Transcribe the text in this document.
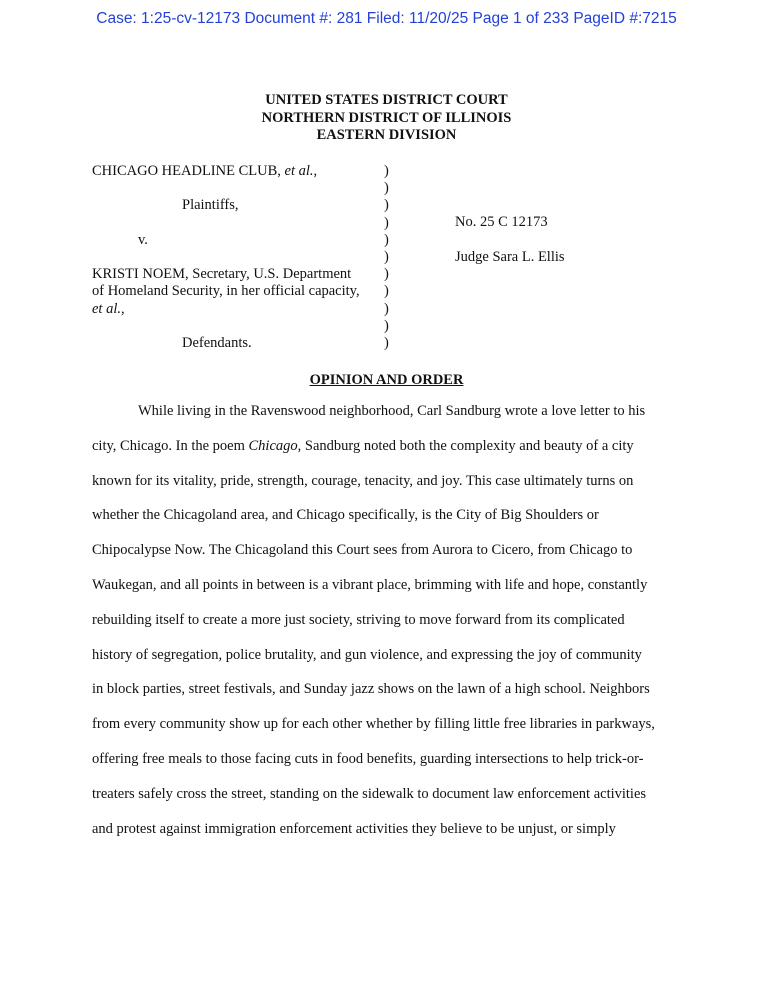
Case: 1:25-cv-12173 Document #: 281 Filed: 11/20/25 Page 1 of 233 PageID #:7215
UNITED STATES DISTRICT COURT
NORTHERN DISTRICT OF ILLINOIS
EASTERN DIVISION
CHICAGO HEADLINE CLUB, et al.,

Plaintiffs,

v.

KRISTI NOEM, Secretary, U.S. Department
of Homeland Security, in her official capacity,
et al.,

Defendants.
)
)
)
)
)
)
)
)
)
)
)
No. 25 C 12173
Judge Sara L. Ellis
OPINION AND ORDER
While living in the Ravenswood neighborhood, Carl Sandburg wrote a love letter to his
city, Chicago. In the poem Chicago, Sandburg noted both the complexity and beauty of a city
known for its vitality, pride, strength, courage, tenacity, and joy. This case ultimately turns on
whether the Chicagoland area, and Chicago specifically, is the City of Big Shoulders or
Chipocalypse Now. The Chicagoland this Court sees from Aurora to Cicero, from Chicago to
Waukegan, and all points in between is a vibrant place, brimming with life and hope, constantly
rebuilding itself to create a more just society, striving to move forward from its complicated
history of segregation, police brutality, and gun violence, and expressing the joy of community
in block parties, street festivals, and Sunday jazz shows on the lawn of a high school. Neighbors
from every community show up for each other whether by filling little free libraries in parkways,
offering free meals to those facing cuts in food benefits, guarding intersections to help trick-or-
treaters safely cross the street, standing on the sidewalk to document law enforcement activities
and protest against immigration enforcement activities they believe to be unjust, or simply
